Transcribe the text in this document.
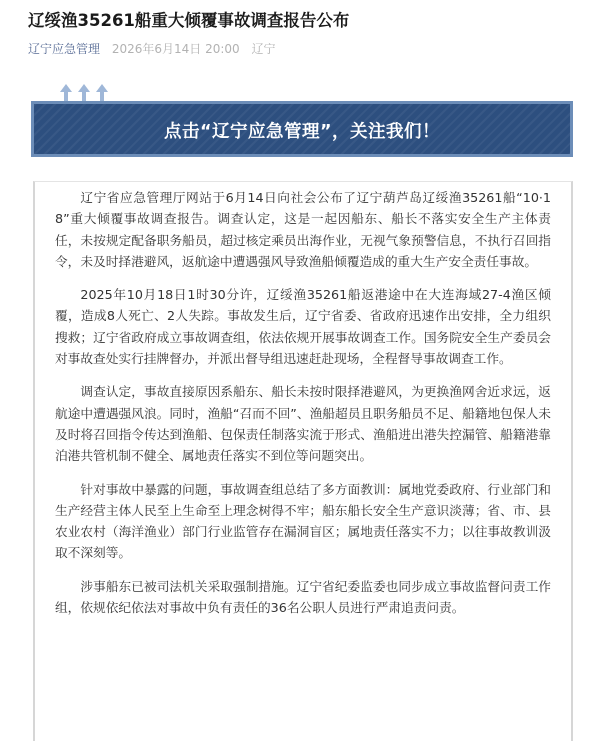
辽绥渔35261船重大倾覆事故调查报告公布
辽宁应急管理 2026年6月14日 20:00 辽宁
点击“辽宁应急管理”，关注我们！

辽宁省应急管理厅网站于6月14日向社会公布了辽宁葫芦岛辽绥渔35261船“10·18”重大倾覆事故调查报告。调查认定，这是一起因船东、船长不落实安全生产主体责任，未按规定配备职务船员，超过核定乘员出海作业，无视气象预警信息，不执行召回指令，未及时择港避风，返航途中遭遇强风导致渔船倾覆造成的重大生产安全责任事故。

2025年10月18日1时30分许，辽绥渔35261船返港途中在大连海域27-4渔区倾覆，造成8人死亡、2人失踪。事故发生后，辽宁省委、省政府迅速作出安排，全力组织搜救；辽宁省政府成立事故调查组，依法依规开展事故调查工作。国务院安全生产委员会对事故查处实行挂牌督办，并派出督导组迅速赶赴现场，全程督导事故调查工作。

调查认定，事故直接原因系船东、船长未按时限择港避风，为更换渔网舍近求远，返航途中遭遇强风浪。同时，渔船“召而不回”、渔船超员且职务船员不足、船籍地包保人未及时将召回指令传达到渔船、包保责任制落实流于形式、渔船进出港失控漏管、船籍港靠泊港共管机制不健全、属地责任落实不到位等问题突出。

针对事故中暴露的问题，事故调查组总结了多方面教训：属地党委政府、行业部门和生产经营主体人民至上生命至上理念树得不牢；船东船长安全生产意识淡薄；省、市、县农业农村（海洋渔业）部门行业监管存在漏洞盲区；属地责任落实不力；以往事故教训汲取不深刻等。

涉事船东已被司法机关采取强制措施。辽宁省纪委监委也同步成立事故监督问责工作组，依规依纪依法对事故中负有责任的36名公职人员进行严肃追责问责。
